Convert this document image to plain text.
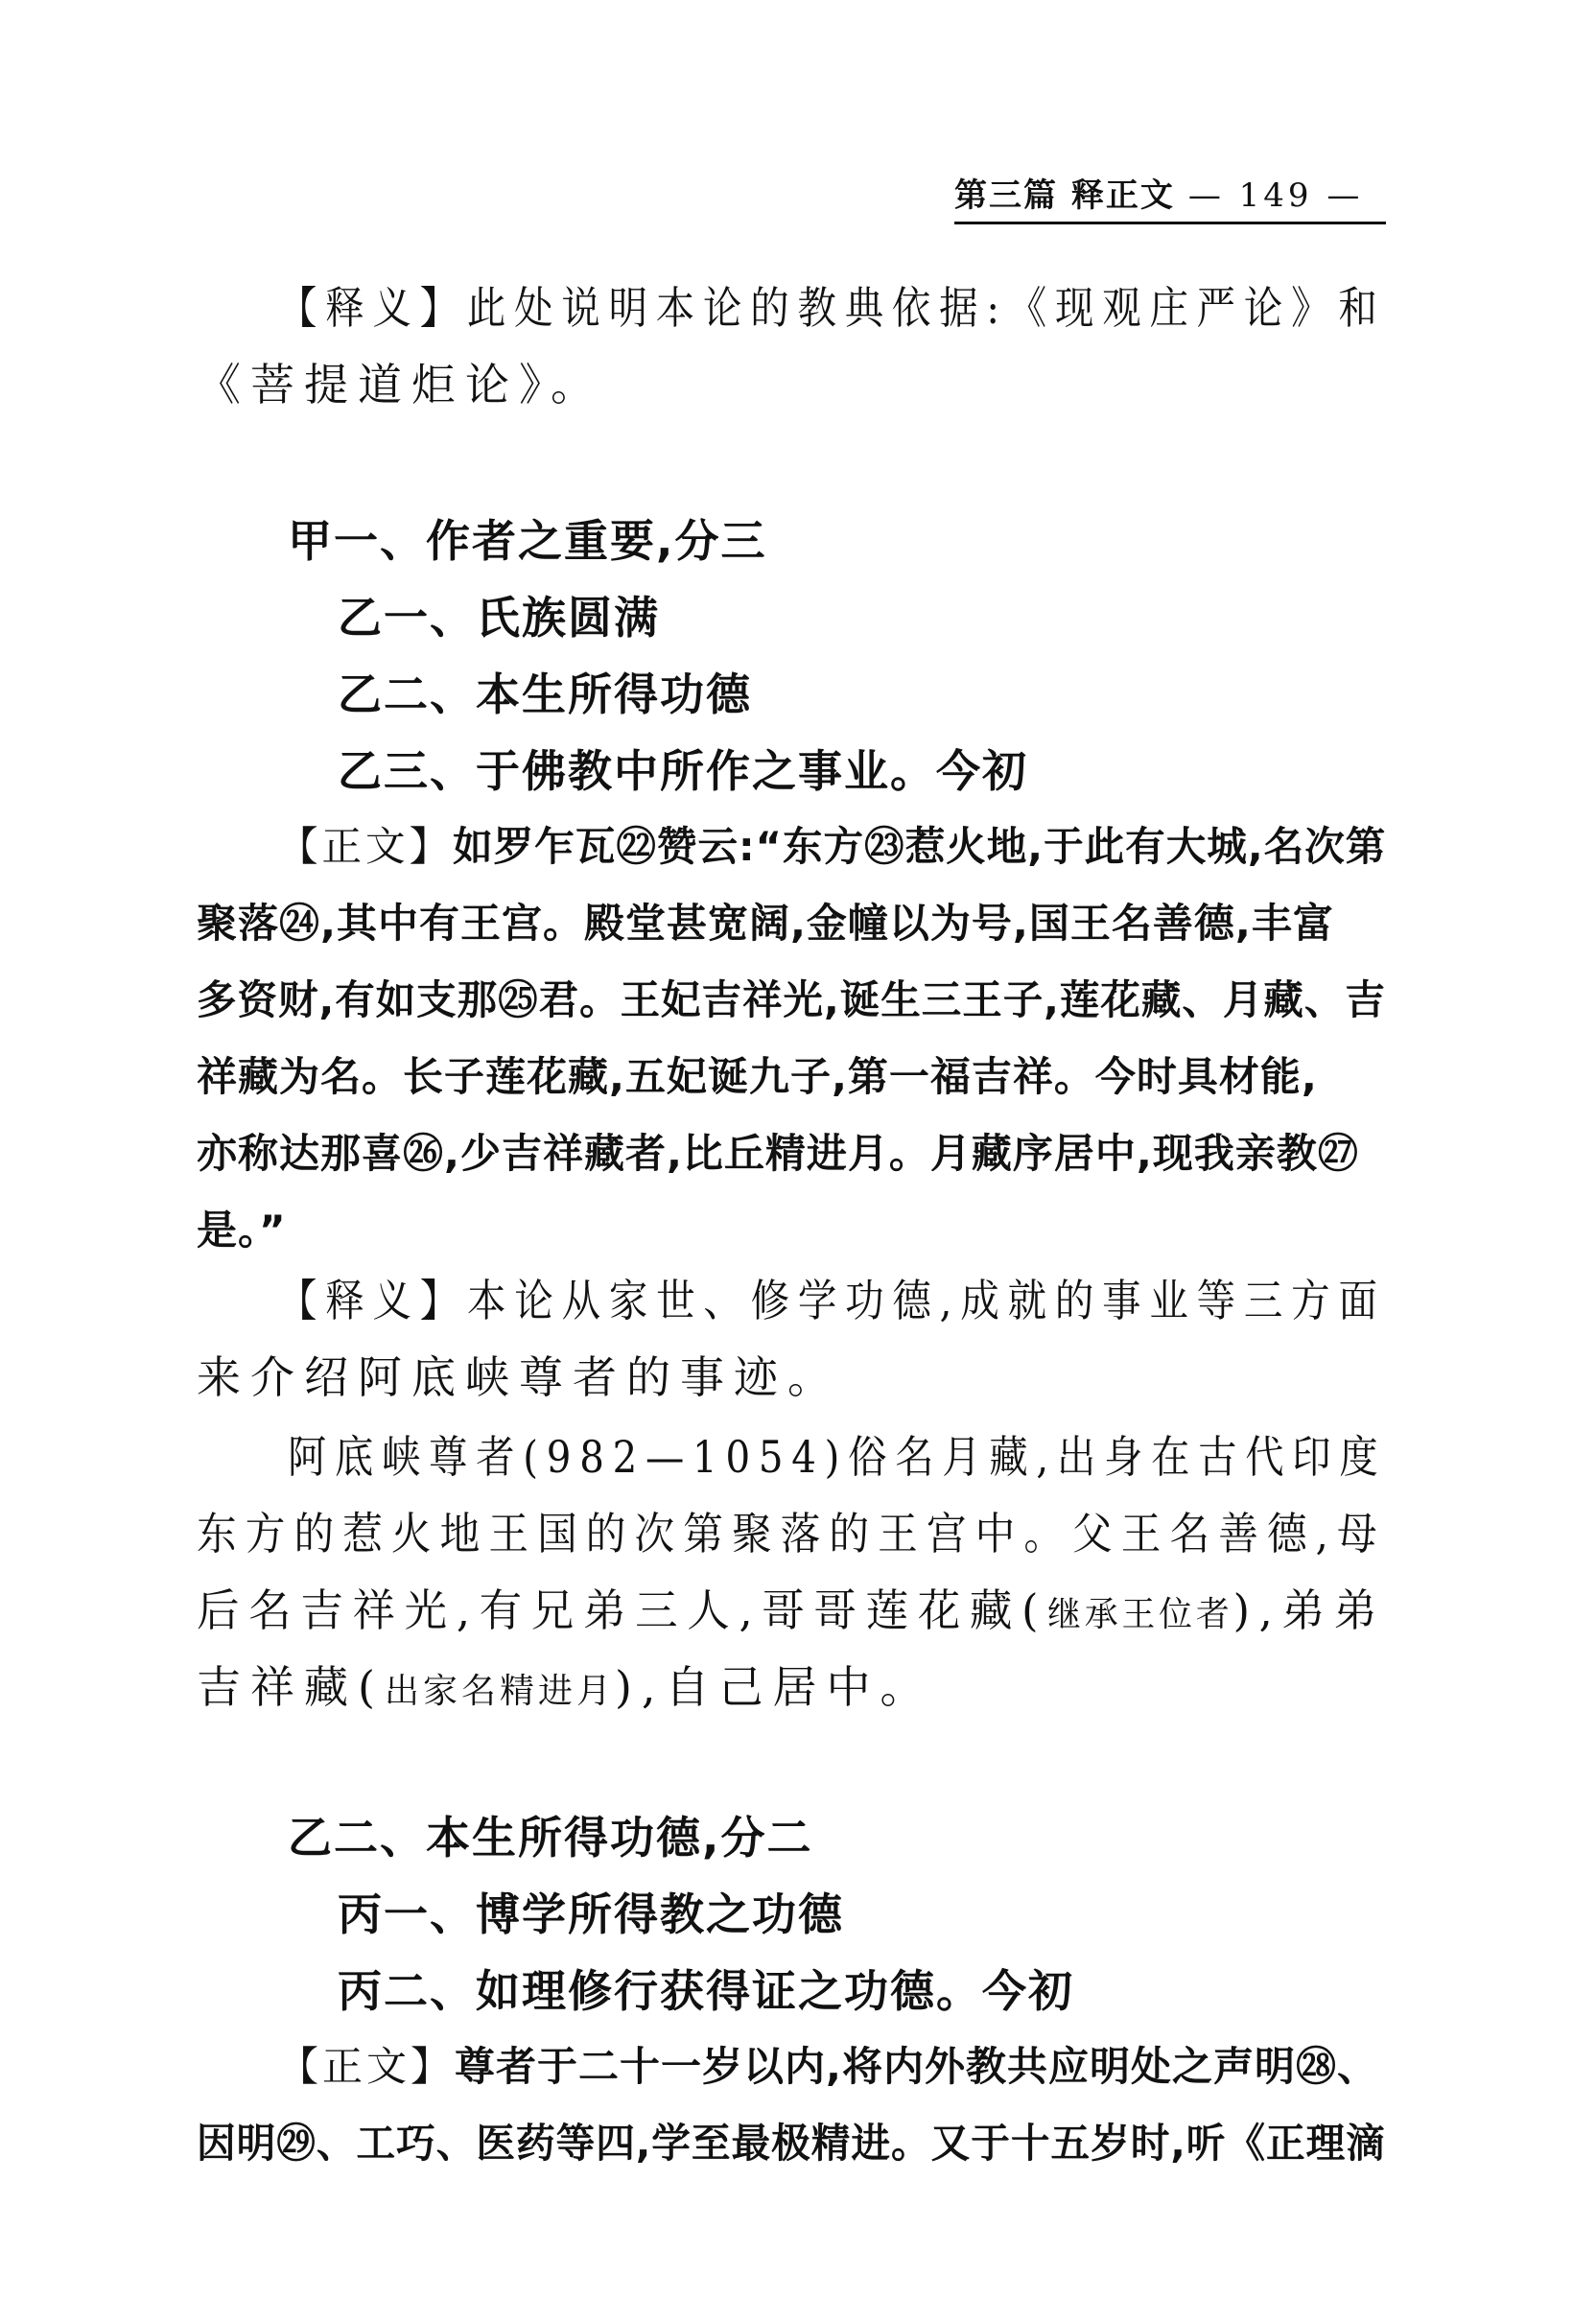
第三篇 释正文 — 149 —
【释义】此处说明本论的教典依据:《现观庄严论》和
《菩提道炬论》。
甲一、作者之重要,分三
乙一、氏族圆满
乙二、本生所得功德
乙三、于佛教中所作之事业。今初
【正文】如罗乍瓦㉒赞云:“东方㉓惹火地,于此有大城,名次第
聚落㉔,其中有王宫。殿堂甚宽阔,金幢以为号,国王名善德,丰富
多资财,有如支那㉕君。王妃吉祥光,诞生三王子,莲花藏、月藏、吉
祥藏为名。长子莲花藏,五妃诞九子,第一福吉祥。今时具材能,
亦称达那喜㉖,少吉祥藏者,比丘精进月。月藏序居中,现我亲教㉗
是。”
【释义】本论从家世、修学功德,成就的事业等三方面
来介绍阿底峡尊者的事迹。
阿底峡尊者(982—1054)俗名月藏,出身在古代印度
东方的惹火地王国的次第聚落的王宫中。父王名善德,母
后名吉祥光,有兄弟三人,哥哥莲花藏(继承王位者),弟弟
吉祥藏(出家名精进月),自己居中。
乙二、本生所得功德,分二
丙一、博学所得教之功德
丙二、如理修行获得证之功德。今初
【正文】尊者于二十一岁以内,将内外教共应明处之声明㉘、
因明㉙、工巧、医药等四,学至最极精进。又于十五岁时,听《正理滴
